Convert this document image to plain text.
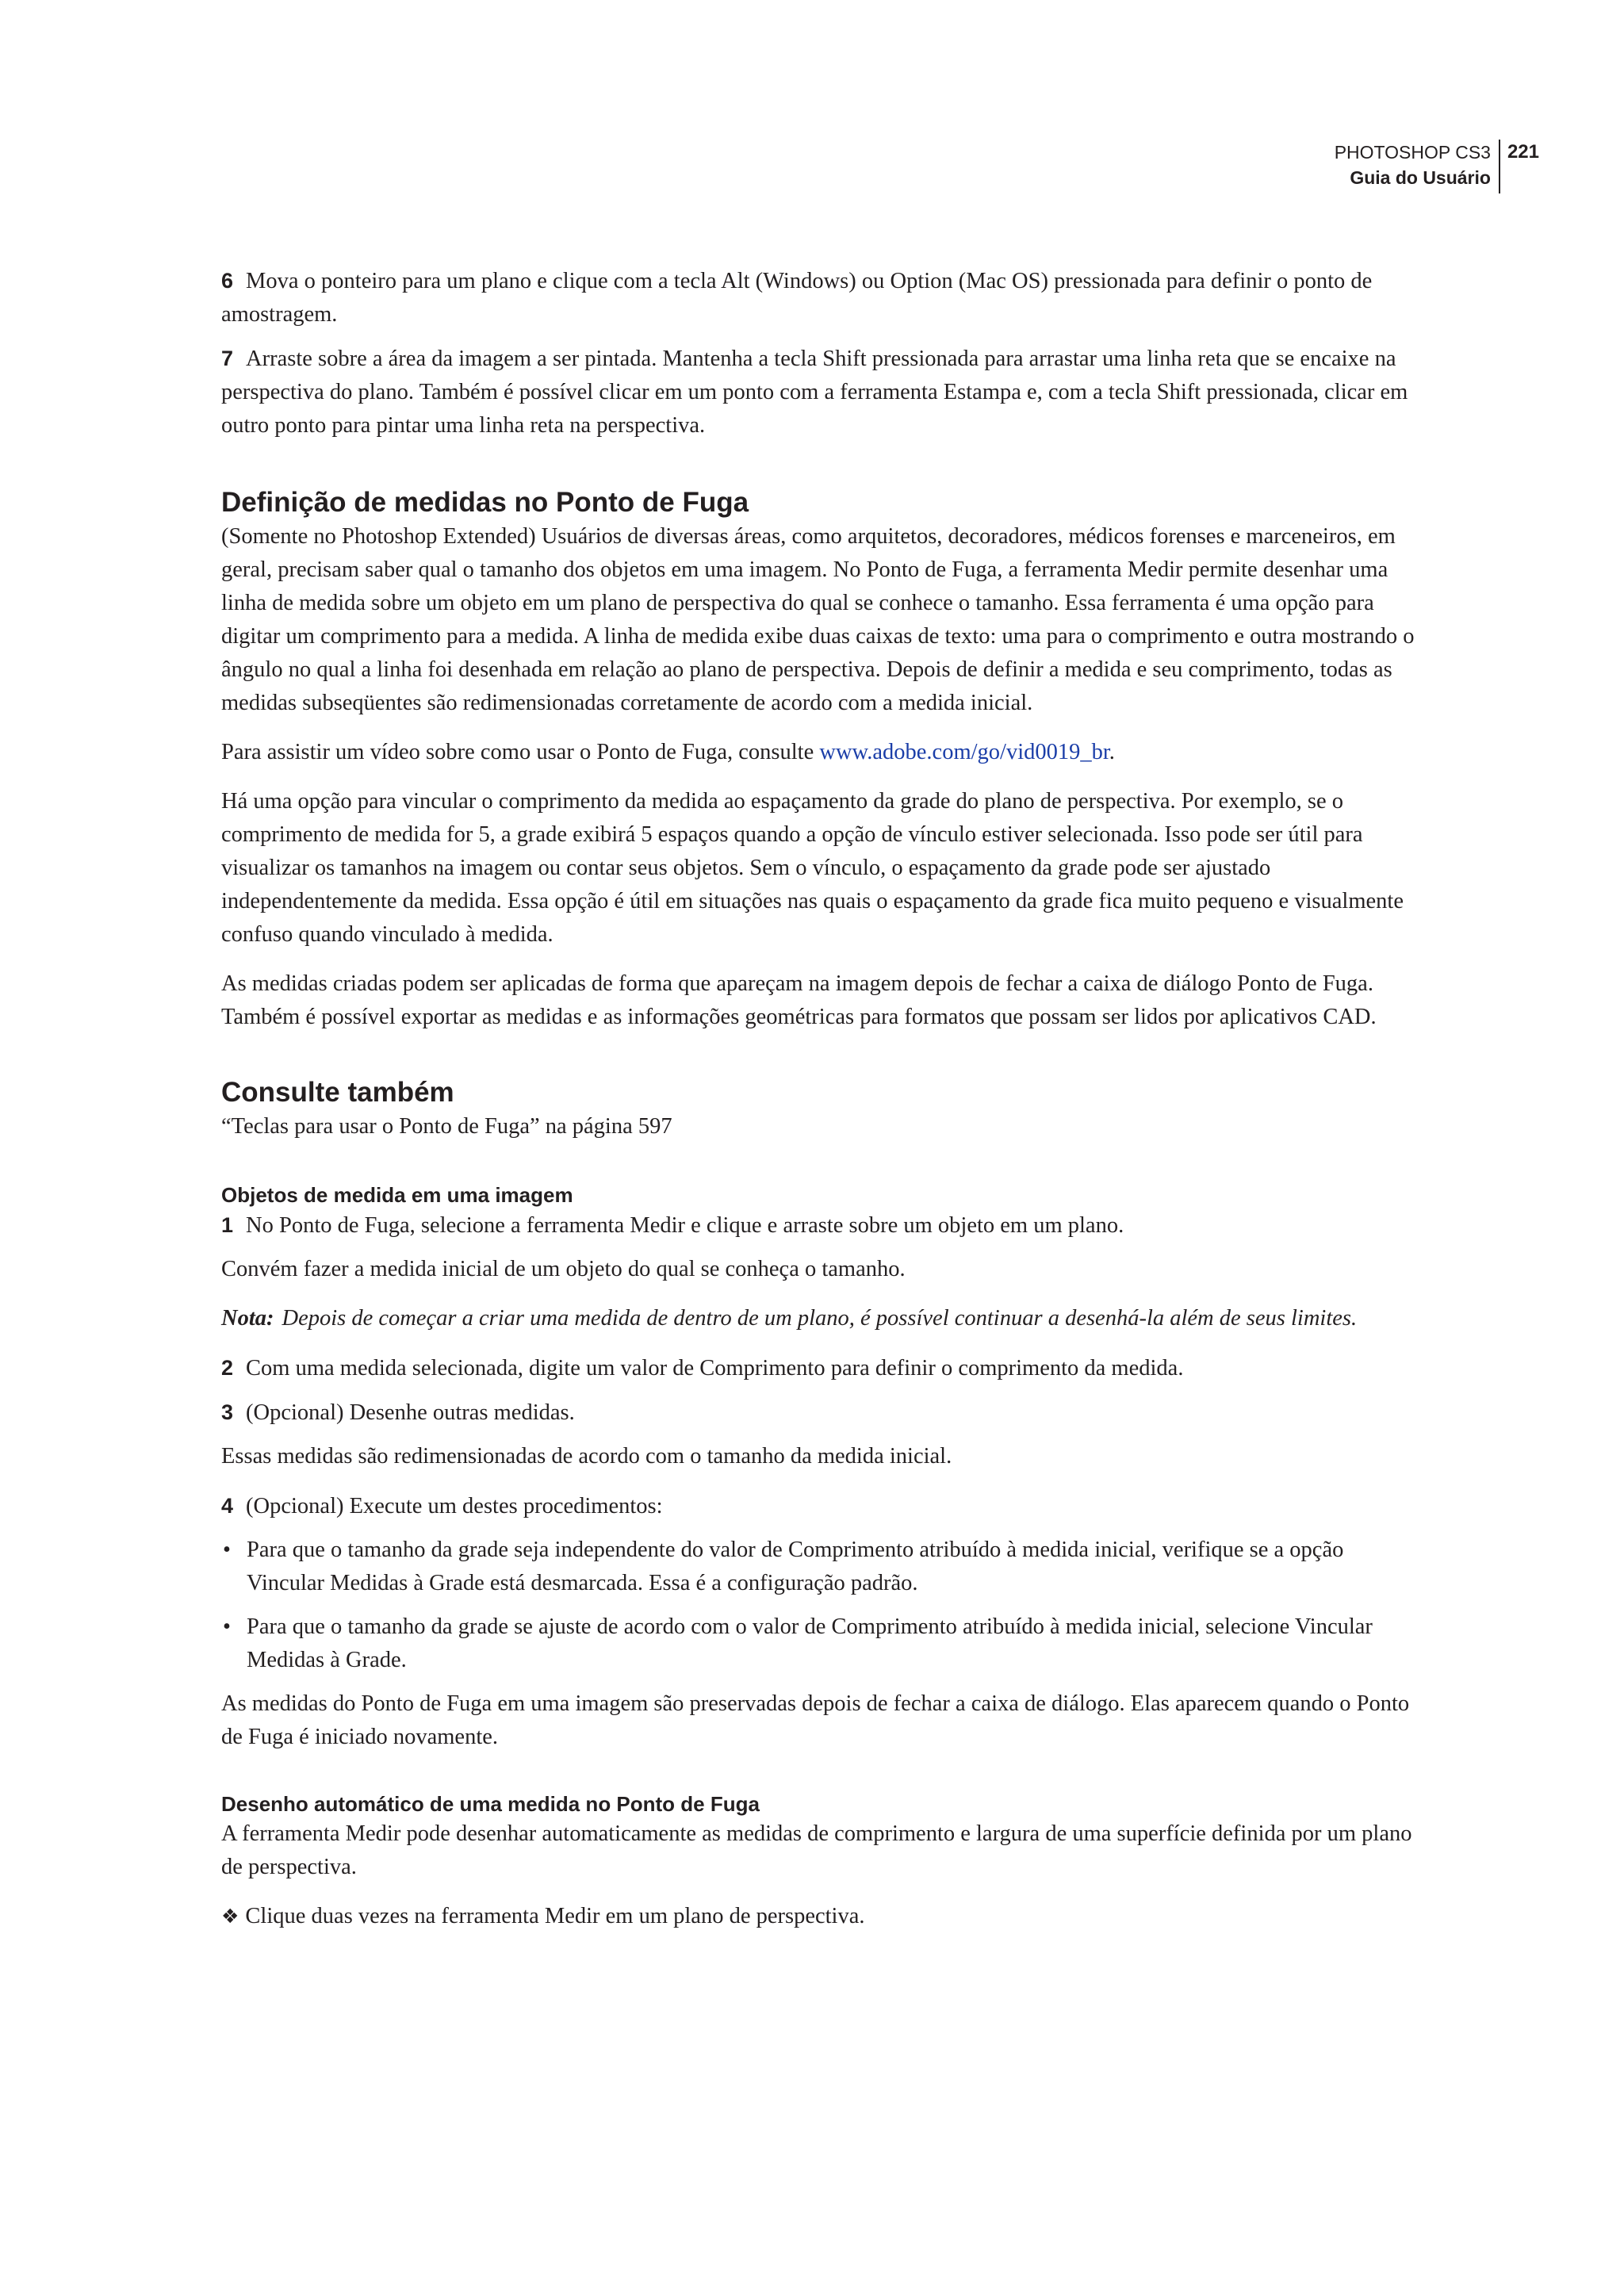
PHOTOSHOP CS3
Guia do Usuário
221

6 Mova o ponteiro para um plano e clique com a tecla Alt (Windows) ou Option (Mac OS) pressionada para definir o ponto de amostragem.

7 Arraste sobre a área da imagem a ser pintada. Mantenha a tecla Shift pressionada para arrastar uma linha reta que se encaixe na perspectiva do plano. Também é possível clicar em um ponto com a ferramenta Estampa e, com a tecla Shift pressionada, clicar em outro ponto para pintar uma linha reta na perspectiva.

Definição de medidas no Ponto de Fuga

(Somente no Photoshop Extended) Usuários de diversas áreas, como arquitetos, decoradores, médicos forenses e marceneiros, em geral, precisam saber qual o tamanho dos objetos em uma imagem. No Ponto de Fuga, a ferramenta Medir permite desenhar uma linha de medida sobre um objeto em um plano de perspectiva do qual se conhece o tamanho. Essa ferramenta é uma opção para digitar um comprimento para a medida. A linha de medida exibe duas caixas de texto: uma para o comprimento e outra mostrando o ângulo no qual a linha foi desenhada em relação ao plano de perspectiva. Depois de definir a medida e seu comprimento, todas as medidas subseqüentes são redimensionadas corretamente de acordo com a medida inicial.

Para assistir um vídeo sobre como usar o Ponto de Fuga, consulte www.adobe.com/go/vid0019_br.

Há uma opção para vincular o comprimento da medida ao espaçamento da grade do plano de perspectiva. Por exemplo, se o comprimento de medida for 5, a grade exibirá 5 espaços quando a opção de vínculo estiver selecionada. Isso pode ser útil para visualizar os tamanhos na imagem ou contar seus objetos. Sem o vínculo, o espaçamento da grade pode ser ajustado independentemente da medida. Essa opção é útil em situações nas quais o espaçamento da grade fica muito pequeno e visualmente confuso quando vinculado à medida.

As medidas criadas podem ser aplicadas de forma que apareçam na imagem depois de fechar a caixa de diálogo Ponto de Fuga. Também é possível exportar as medidas e as informações geométricas para formatos que possam ser lidos por aplicativos CAD.

Consulte também

“Teclas para usar o Ponto de Fuga” na página 597

Objetos de medida em uma imagem

1 No Ponto de Fuga, selecione a ferramenta Medir e clique e arraste sobre um objeto em um plano.

Convém fazer a medida inicial de um objeto do qual se conheça o tamanho.

Nota: Depois de começar a criar uma medida de dentro de um plano, é possível continuar a desenhá-la além de seus limites.

2 Com uma medida selecionada, digite um valor de Comprimento para definir o comprimento da medida.

3 (Opcional) Desenhe outras medidas.

Essas medidas são redimensionadas de acordo com o tamanho da medida inicial.

4 (Opcional) Execute um destes procedimentos:

• Para que o tamanho da grade seja independente do valor de Comprimento atribuído à medida inicial, verifique se a opção Vincular Medidas à Grade está desmarcada. Essa é a configuração padrão.

• Para que o tamanho da grade se ajuste de acordo com o valor de Comprimento atribuído à medida inicial, selecione Vincular Medidas à Grade.

As medidas do Ponto de Fuga em uma imagem são preservadas depois de fechar a caixa de diálogo. Elas aparecem quando o Ponto de Fuga é iniciado novamente.

Desenho automático de uma medida no Ponto de Fuga

A ferramenta Medir pode desenhar automaticamente as medidas de comprimento e largura de uma superfície definida por um plano de perspectiva.

❖ Clique duas vezes na ferramenta Medir em um plano de perspectiva.
